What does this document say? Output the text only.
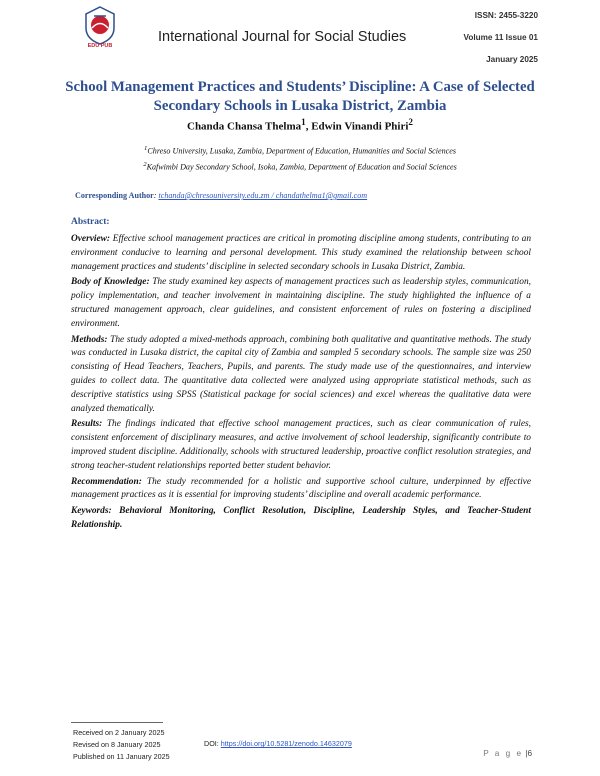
EDU PUB
International Journal for Social Studies
ISSN: 2455-3220
Volume 11 Issue 01
January 2025
School Management Practices and Students’ Discipline: A Case of Selected Secondary Schools in Lusaka District, Zambia
Chanda Chansa Thelma$^1$, Edwin Vinandi Phiri$^2$
$^1$Chreso University, Lusaka, Zambia, Department of Education, Humanities and Social Sciences
$^2$Kafwimbi Day Secondary School, Isoka, Zambia, Department of Education and Social Sciences
Corresponding Author: tchanda@chresouniversity.edu.zm / chandathelma1@gmail.com
Abstract:

Overview: Effective school management practices are critical in promoting discipline among students, contributing to an environment conducive to learning and personal development. This study examined the relationship between school management practices and students’ discipline in selected secondary schools in Lusaka District, Zambia.

Body of Knowledge: The study examined key aspects of management practices such as leadership styles, communication, policy implementation, and teacher involvement in maintaining discipline. The study highlighted the influence of a structured management approach, clear guidelines, and consistent enforcement of rules on fostering a disciplined environment.

Methods: The study adopted a mixed-methods approach, combining both qualitative and quantitative methods. The study was conducted in Lusaka district, the capital city of Zambia and sampled 5 secondary schools. The sample size was 250 consisting of Head Teachers, Teachers, Pupils, and parents. The study made use of the questionnaires, and interview guides to collect data. The quantitative data collected were analyzed using appropriate statistical methods, such as descriptive statistics using SPSS (Statistical package for social sciences) and excel whereas the qualitative data were analyzed thematically.

Results: The findings indicated that effective school management practices, such as clear communication of rules, consistent enforcement of disciplinary measures, and active involvement of school leadership, significantly contribute to improved student discipline. Additionally, schools with structured leadership, proactive conflict resolution strategies, and strong teacher-student relationships reported better student behavior.

Recommendation: The study recommended for a holistic and supportive school culture, underpinned by effective management practices as it is essential for improving students’ discipline and overall academic performance.

Keywords: Behavioral Monitoring, Conflict Resolution, Discipline, Leadership Styles, and Teacher-Student Relationship.

Received on 2 January 2025
Revised on 8 January 2025
Published on 11 January 2025
DOI: https://doi.org/10.5281/zenodo.14632079
P a g e |6
